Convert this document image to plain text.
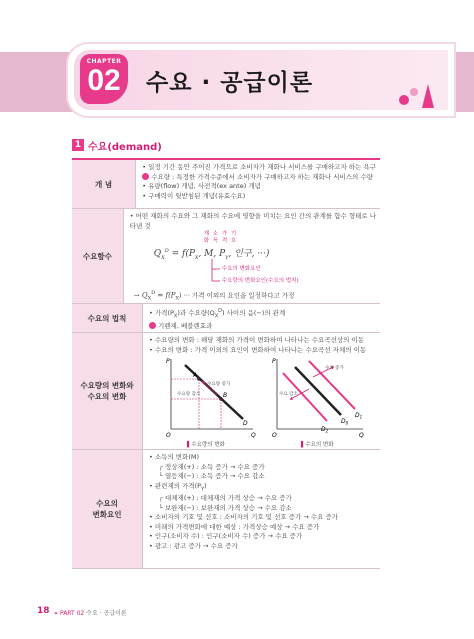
CHAPTER
02	수요 · 공급이론
1 수요(demand)
개 념

• 일정 기간 동안 주어진 가격으로 소비자가 재화나 서비스를 구매하고자 하는 욕구

수요량 : 특정한 가격수준에서 소비자가 구매하고자 하는 재화나 서비스의 수량

• 유량(flow) 개념, 사전적(ex ante) 개념

• 구매력이 뒷받침된 개념(유효수요)

수요함수

• 어떤 재화의 수요와 그 재화의 수요에 영향을 미치는 요인 간의 관계를 함수 형태로 나

타낸 것

재 소 가 기
화 득 격 호
$Q_X^D = f(P_X$, M, $P_Y$, 인구, ···)
수요의 변화요인
수요량의 변화요인(수요의 법칙)
→ $Q_X^D = f(P_X)$ ··· 가격 이외의 요인을 일정하다고 가정
수요의 법칙

• 가격$(P_X)$과 수요량$(Q_X^D)$ 사이의 음(−)의 관계

기펜재, 베블렌효과

수요량의 변화와
수요의 변화

• 수요량의 변화 : 해당 재화의 가격이 변화하여 나타나는 수요곡선상의 이동

• 수요의 변화 : 가격 이외의 요인이 변화하여 나타나는 수요곡선 자체의 이동

P
O	Q
A
B
D
수요량 증가
수요량 감소
▌수요량의 변화
P
O	Q
$D_1$
$D_0$
$D_2$
수요 증가
수요 감소
▌수요의 변화
수요의
변화요인

• 소득의 변화(M)

┌ 정상재(+) : 소득 증가 → 수요 증가

└ 열등재(−) : 소득 증가 → 수요 감소

• 관련재의 가격$(P_Y)$

┌ 대체재(+) : 대체재의 가격 상승 → 수요 증가

└ 보완재(−) : 보완재의 가격 상승 → 수요 감소

• 소비자의 기호 및 선호 : 소비자의 기호 및 선호 증가 → 수요 증가

• 미래의 가격변화에 대한 예상 : 가격상승 예상 → 수요 증가

• 인구(소비자 수) : 인구(소비자 수) 증가 → 수요 증가

• 광고 : 광고 증가 → 수요 증가

18 « PART 02 수요 · 공급이론
